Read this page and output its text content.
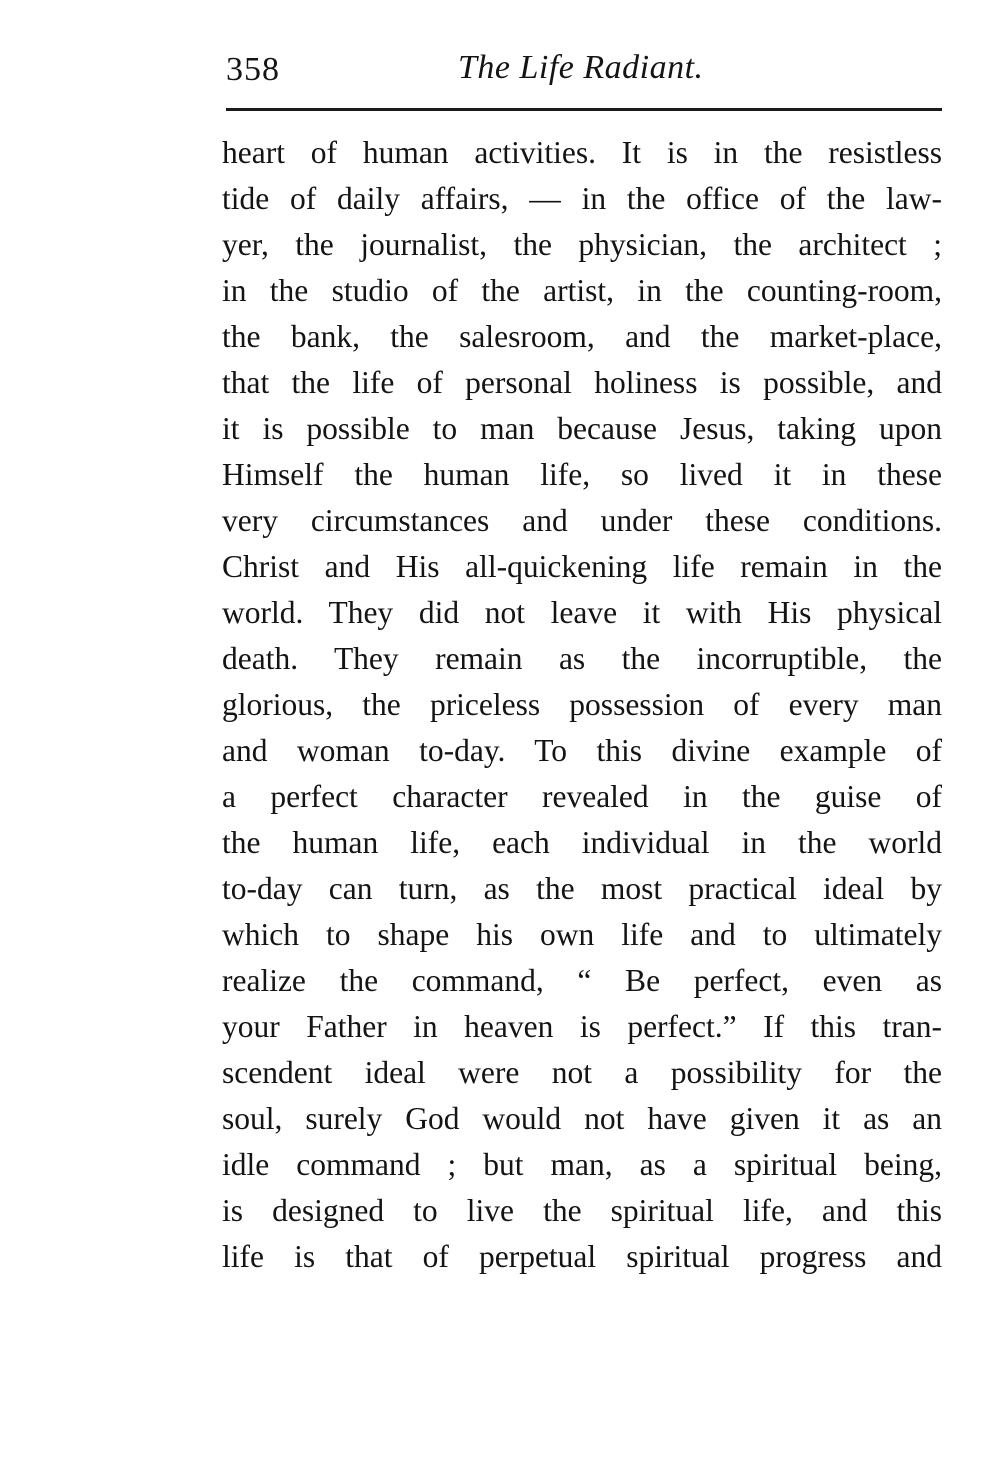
358	The Life Radiant.
heart of human activities. It is in the resistless
tide of daily affairs, — in the office of the law-
yer, the journalist, the physician, the architect ;
in the studio of the artist, in the counting-room,
the bank, the salesroom, and the market-place,
that the life of personal holiness is possible, and
it is possible to man because Jesus, taking upon
Himself the human life, so lived it in these
very circumstances and under these conditions.
Christ and His all-quickening life remain in the
world. They did not leave it with His physical
death. They remain as the incorruptible, the
glorious, the priceless possession of every man
and woman to-day. To this divine example of
a perfect character revealed in the guise of
the human life, each individual in the world
to-day can turn, as the most practical ideal by
which to shape his own life and to ultimately
realize the command, “ Be perfect, even as
your Father in heaven is perfect.” If this tran-
scendent ideal were not a possibility for the
soul, surely God would not have given it as an
idle command ; but man, as a spiritual being,
is designed to live the spiritual life, and this
life is that of perpetual spiritual progress and
